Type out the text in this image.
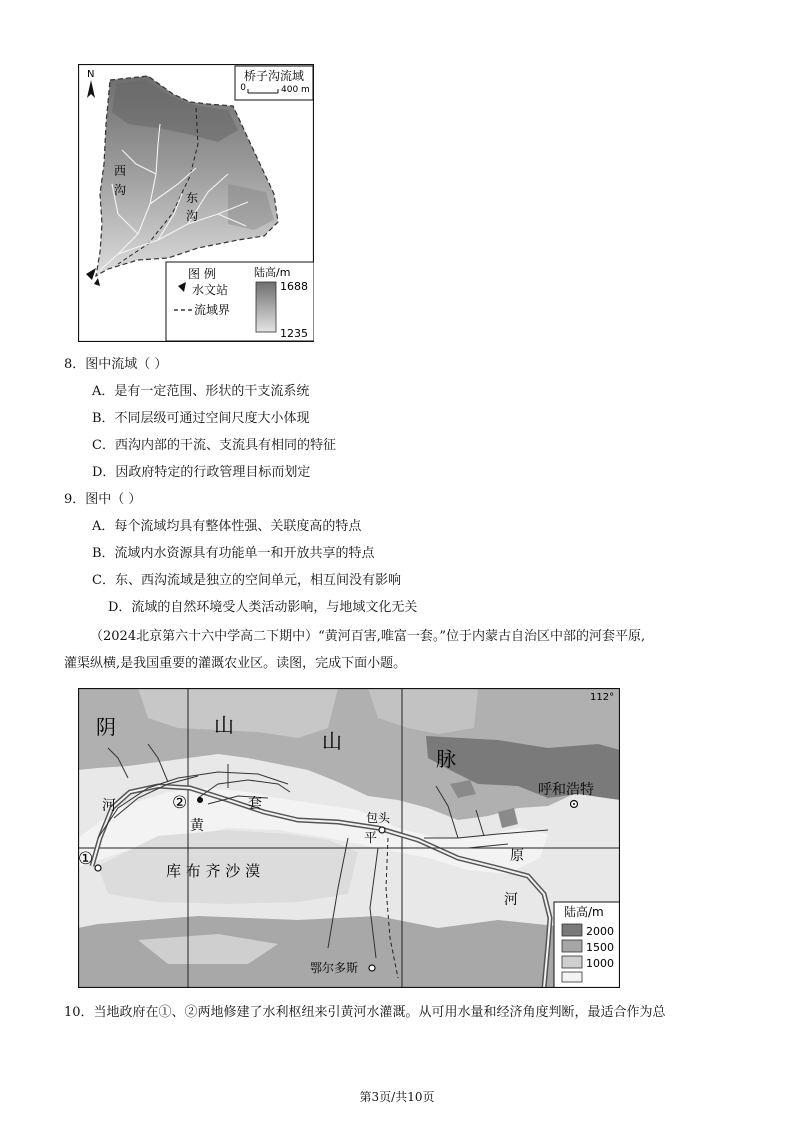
N	桥子沟流域
0	400 m
西
沟
东
沟
图 例
水文站
流域界
陆高/m
1688
1235
8．图中流域（ ）
A．是有一定范围、形状的干支流系统
B．不同层级可通过空间尺度大小体现
C．西沟内部的干流、支流具有相同的特征
D．因政府特定的行政管理目标而划定
9．图中（ ）
A．每个流域均具有整体性强、关联度高的特点
B．流域内水资源具有功能单一和开放共享的特点
C．东、西沟流域是独立的空间单元，相互间没有影响
D．流域的自然环境受人类活动影响，与地域文化无关
（2024北京第六十六中学高二下期中）“黄河百害,唯富一套。”位于内蒙古自治区中部的河套平原,
灌渠纵横,是我国重要的灌溉农业区。读图，完成下面小题。
阴	山
山
脉
河	套
黄
河
原
平
包头
呼和浩特
鄂尔多斯
库 布 齐 沙 漠
②
①
112°
陆高/m
2000
1500
1000
10．当地政府在①、②两地修建了水利枢纽来引黄河水灌溉。从可用水量和经济角度判断，最适合作为总
第3页/共10页
